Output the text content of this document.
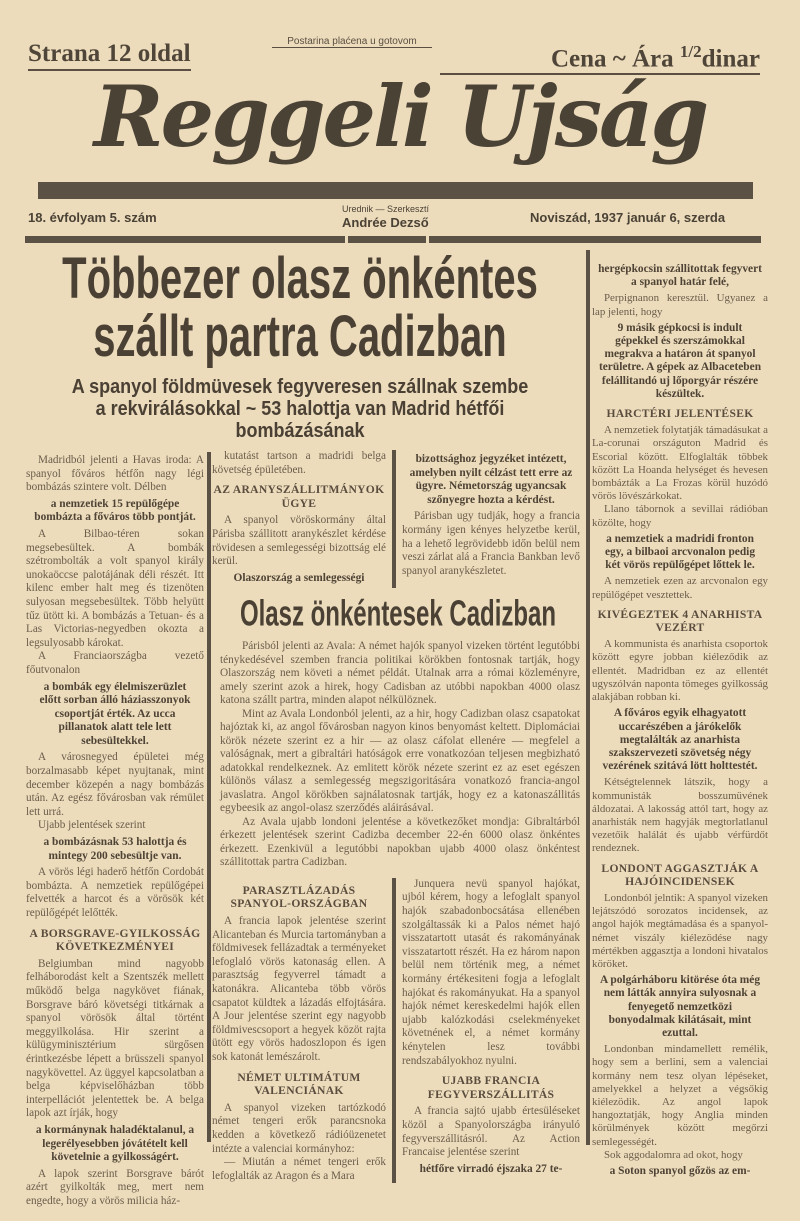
Strana 12 oldal	Postarina plaćena u gotovom
Cena ~ Ára $^{1/2}$dinar
Reggeli Ujság
18. évfolyam 5. szám
Urednik — Szerkesztí
Andrée Dezső	Noviszád, 1937 január 6, szerda
Többezer olasz önkéntes
szállt partra Cadizban
A spanyol földmüvesek fegyveresen szállnak szembe
a rekvirálásokkal ~ 53 halottja van Madrid hétfői
bombázásának

Madridból jelenti a Havas iroda: A spanyol főváros hétfőn nagy légi bombázás szintere volt. Délben

a nemzetiek 15 repülőgépe bombázta a főváros több pontját.

A Bilbao-téren sokan megsebesültek. A bombák szétrombolták a volt spanyol király unokaöccse palotájának déli részét. Itt kilenc ember halt meg és tizenöten sulyosan megsebesültek. Több helyütt tűz ütött ki. A bombázás a Tetuan- és a Las Victorias-negyedben okozta a legsulyosabb károkat.

A Franciaországba vezető főutvonalon

a bombák egy élelmiszerüzlet előtt sorban álló háziasszonyok csoportját érték. Az ucca pillanatok alatt tele lett sebesültekkel.

A városnegyed épületei még borzalmasabb képet nyujtanak, mint december közepén a nagy bombázás után. Az egész fővárosban vak rémület lett urrá.

Ujabb jelentések szerint

a bombázásnak 53 halottja és mintegy 200 sebesültje van.

A vörös légi haderő hétfőn Cordobát bombázta. A nemzetiek repülőgépei felvették a harcot és a vörösök két repülőgépét lelőtték.

A BORSGRAVE-GYILKOSSÁG KÖVETKEZMÉNYEI

Belgiumban mind nagyobb felháborodást kelt a Szentszék mellett működő belga nagykövet fiának, Borsgrave báró követségi titkárnak a spanyol vörösök által történt meggyilkolása. Hir szerint a külügyminisztérium sürgősen érintkezésbe lépett a brüsszeli spanyol nagykövettel. Az üggyel kapcsolatban a belga képviselőházban több interpellációt jelentettek be. A belga lapok azt írják, hogy

a kormánynak haladéktalanul, a legerélyesebben jóvátételt kell követelnie a gyilkosságért.

A lapok szerint Borsgrave bárót azért gyilkolták meg, mert nem engedte, hogy a vörös milicia ház-

kutatást tartson a madridi belga követség épületében.

AZ ARANYSZÁLLITMÁNYOK ÜGYE

A spanyol vöröskormány által Párisba szállitott aranykészlet kérdése rövidesen a semlegességi bizottság elé kerül.

Olaszország a semlegességi

bizottsághoz jegyzéket intézett, amelyben nyilt célzást tett erre az ügyre. Németország ugyancsak szőnyegre hozta a kérdést.

Párisban ugy tudják, hogy a francia kormány igen kényes helyzetbe kerül, ha a lehető legrövidebb időn belül nem veszi zárlat alá a Francia Bankban levő spanyol aranykészletet.

Olasz önkéntesek Cadizban

Párisból jelenti az Avala: A német hajók spanyol vizeken történt legutóbbi ténykedésével szemben francia politikai körökben fontosnak tartják, hogy Olaszország nem követi a német példát. Utalnak arra a római közleményre, amely szerint azok a hirek, hogy Cadisban az utóbbi napokban 4000 olasz katona szállt partra, minden alapot nélkülöznek.

Mint az Avala Londonból jelenti, az a hir, hogy Cadizban olasz csapatokat hajóztak ki, az angol fővárosban nagyon kinos benyomást keltett. Diplomáciai körök nézete szerint ez a hir — az olasz cáfolat ellenére — megfelel a valóságnak, mert a gibraltári hatóságok erre vonatkozóan teljesen megbizható adatokkal rendelkeznek. Az emlitett körök nézete szerint ez az eset egészen különös válasz a semlegesség megszigoritására vonatkozó francia-angol javaslatra. Angol körökben sajnálatosnak tartják, hogy ez a katonaszállitás egybeesik az angol-olasz szerződés aláirásával.

Az Avala ujabb londoni jelentése a következőket mondja: Gibraltárból érkezett jelentések szerint Cadizba december 22-én 6000 olasz önkéntes érkezett. Ezenkivül a legutóbbi napokban ujabb 4000 olasz önkéntest szállitottak partra Cadizban.

PARASZTLÁZADÁS SPANYOL-ORSZÁGBAN

A francia lapok jelentése szerint Alicanteban és Murcia tartományban a földmivesek fellázadtak a terményeket lefoglaló vörös katonaság ellen. A parasztság fegyverrel támadt a katonákra. Alicanteba több vörös csapatot küldtek a lázadás elfojtására. A Jour jelentése szerint egy nagyobb földmivescsoport a hegyek közöt rajta ütött egy vörös hadoszlopon és igen sok katonát lemészárolt.

NÉMET ULTIMÁTUM VALENCIÁNAK

A spanyol vizeken tartózkodó német tengeri erők parancsnoka kedden a következő rádióüzenetet intézte a valenciai kormányhoz:

— Miután a német tengeri erők lefoglalták az Aragon és a Mara

Junquera nevü spanyol hajókat, ujból kérem, hogy a lefoglalt spanyol hajók szabadonbocsátása ellenében szolgáltassák ki a Palos német hajó visszatartott utasát és rakományának visszatartott részét. Ha ez három napon belül nem történik meg, a német kormány értékesiteni fogja a lefoglalt hajókat és rakományukat. Ha a spanyol hajók német kereskedelmi hajók ellen ujabb kalózkodási cselekményeket követnének el, a német kormány kénytelen lesz további rendszabályokhoz nyulni.

UJABB FRANCIA FEGYVERSZÁLLITÁS

A francia sajtó ujabb értesüléseket közöl a Spanyolországba irányuló fegyverszállitásról. Az Action Francaise jelentése szerint

hétfőre virradó éjszaka 27 te-

hergépkocsin szállitottak fegyvert a spanyol határ felé,

Perpignanon keresztül. Ugyanez a lap jelenti, hogy

9 másik gépkocsi is indult gépekkel és szerszámokkal megrakva a határon át spanyol területre. A gépek az Albaceteben felállitandó uj lőporgyár részére készültek.

HARCTÉRI JELENTÉSEK

A nemzetiek folytatják támadásukat a La-corunai országuton Madrid és Escorial között. Elfoglalták többek között La Hoanda helységet és hevesen bombázták a La Frozas körül huzódó vörös lövészárkokat.

Llano tábornok a sevillai rádióban közölte, hogy

a nemzetiek a madridi fronton egy, a bilbaoi arcvonalon pedig két vörös repülőgépet lőttek le.

A nemzetiek ezen az arcvonalon egy repülőgépet vesztettek.

KIVÉGEZTEK 4 ANARHISTA VEZÉRT

A kommunista és anarhista csoportok között egyre jobban kiéleződik az ellentét. Madridban ez az ellentét ugyszólván naponta tömeges gyilkosság alakjában robban ki.

A főváros egyik elhagyatott uccarészében a járókelők megtalálták az anarhista szakszervezeti szövetség négy vezérének szitává lött holttestét.

Kétségtelennek látszik, hogy a kommunisták bosszumüvének áldozatai. A lakosság attól tart, hogy az anarhisták nem hagyják megtorlatlanul vezetőik halálát és ujabb vérfürdőt rendeznek.

LONDONT AGGASZTJÁK A HAJÓINCIDENSEK

Londonból jelntik: A spanyol vizeken lejátszódó sorozatos incidensek, az angol hajók megtámadása és a spanyol-német viszály kiélezödése nagy mértékben aggasztja a londoni hivatalos köröket.

A polgárháboru kitörése óta még nem látták annyira sulyosnak a fenyegető nemzetközi bonyodalmak kilátásait, mint ezuttal.

Londonban mindamellett remélik, hogy sem a berlini, sem a valenciai kormány nem tesz olyan lépéseket, amelyekkel a helyzet a végsőkig kiélezödik. Az angol lapok hangoztatják, hogy Anglia minden körülmények között megőrzi semlegességét.

Sok aggodalomra ad okot, hogy

a Soton spanyol gőzös az em-
